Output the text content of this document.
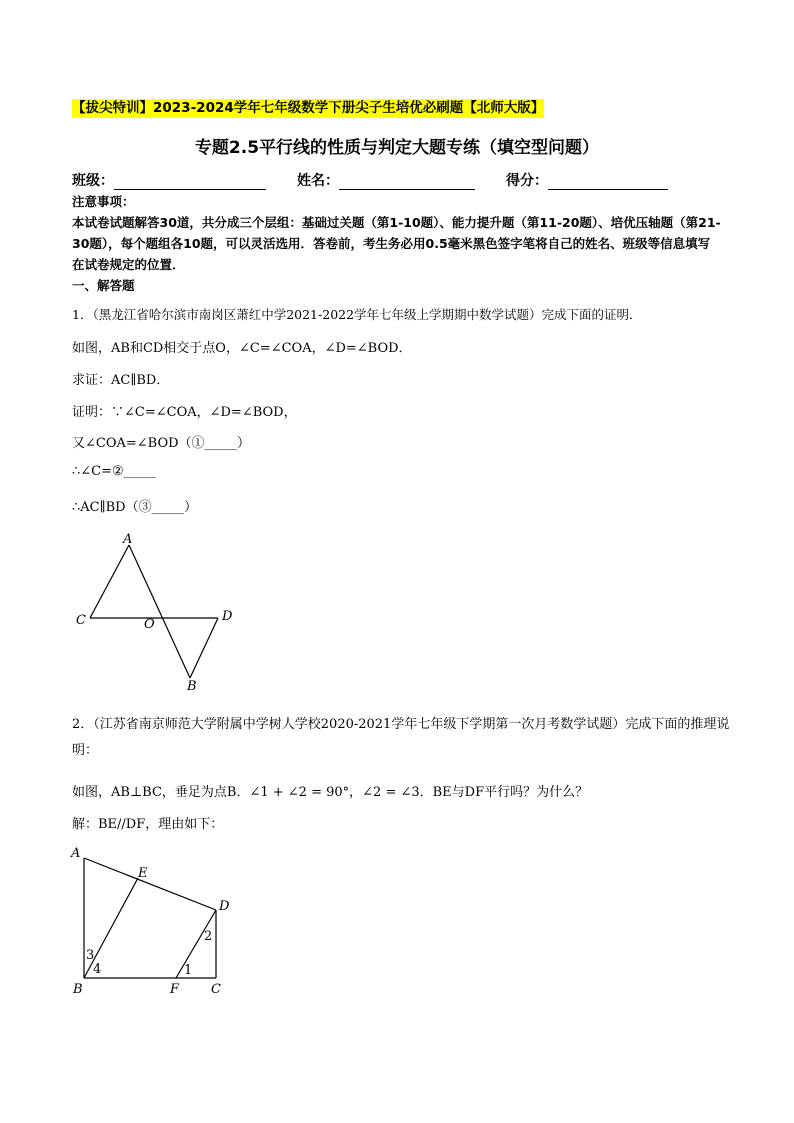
【拔尖特训】2023-2024学年七年级数学下册尖子生培优必刷题【北师大版】
专题2.5平行线的性质与判定大题专练（填空型问题）
班级：	姓名：	得分：
注意事项：
本试卷试题解答30道，共分成三个层组：基础过关题（第1-10题）、能力提升题（第11-20题）、培优压轴题（第21-30题），每个题组各10题，可以灵活选用．答卷前，考生务必用0.5毫米黑色签字笔将自己的姓名、班级等信息填写在试卷规定的位置．
一、解答题
1．（黑龙江省哈尔滨市南岗区萧红中学2021-2022学年七年级上学期期中数学试题）完成下面的证明．
如图，AB和CD相交于点O，∠C=∠COA，∠D=∠BOD．
求证：AC∥BD．
证明：∵∠C=∠COA，∠D=∠BOD，
又∠COA=∠BOD（①_____）
∴∠C=②_____
∴AC∥BD（③_____）
A
B
C	D
O
2．（江苏省南京师范大学附属中学树人学校2020-2021学年七年级下学期第一次月考数学试题）完成下面的推理说明：
如图，AB⊥BC，垂足为点B．∠1 + ∠2 = 90°，∠2 = ∠3．BE与DF平行吗？为什么？
解：BE//DF，理由如下：
A
B	C
D
E
F
1
2
3
4
